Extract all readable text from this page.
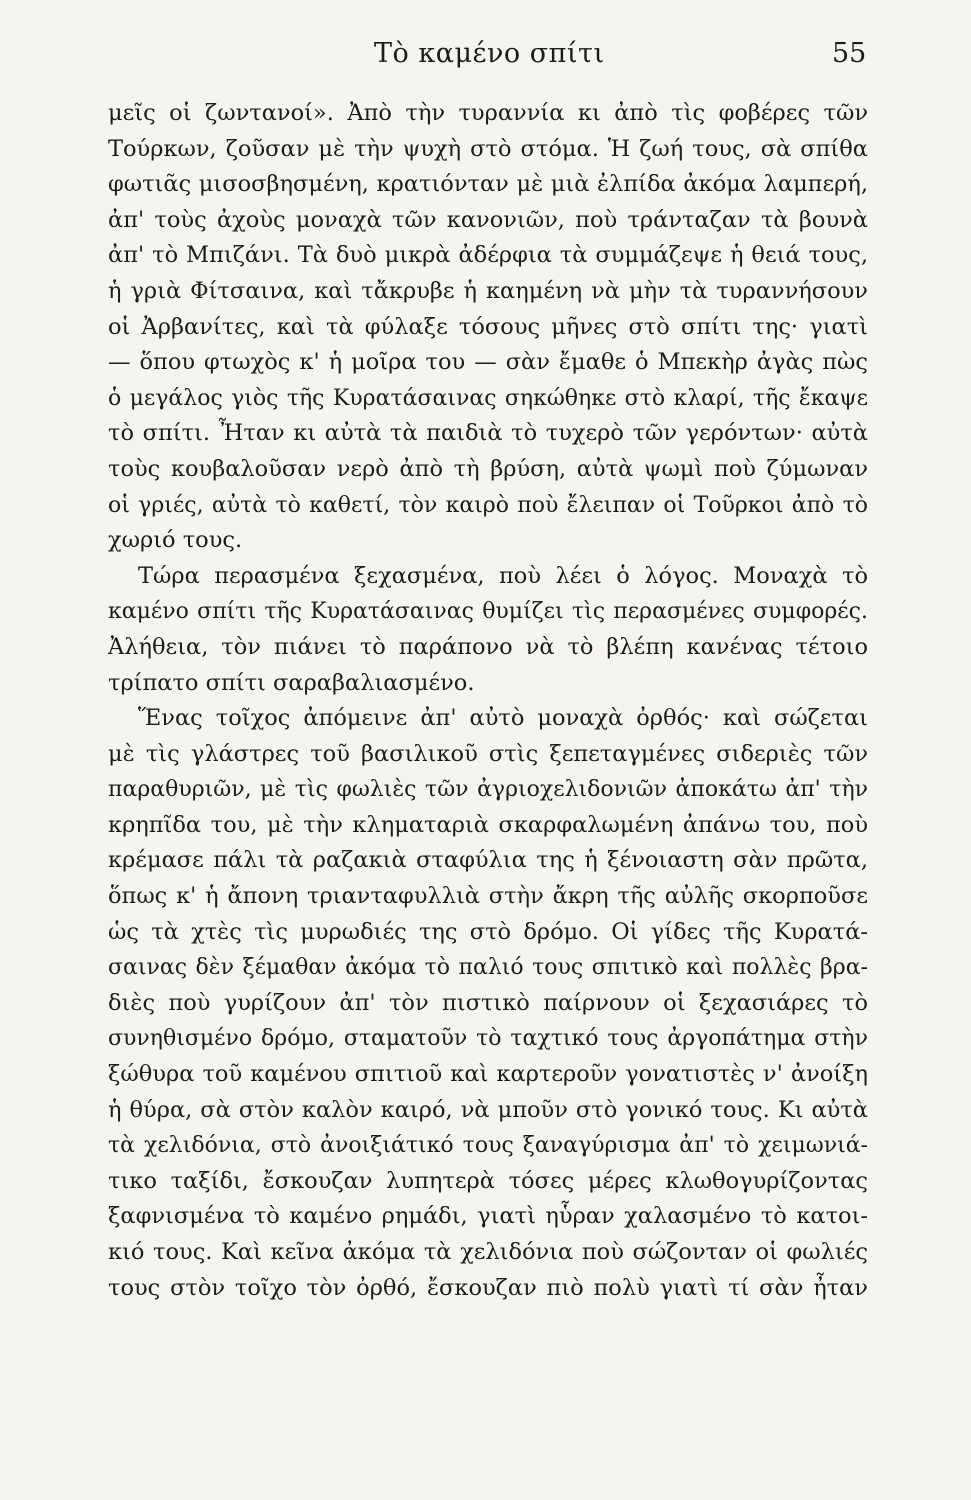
Τὸ καμένο σπίτι	55
μεῖς οἱ ζωντανοί». Ἀπὸ τὴν τυραννία κι ἀπὸ τὶς φοβέρες τῶν
Τούρκων, ζοῦσαν μὲ τὴν ψυχὴ στὸ στόμα. Ἡ ζωή τους, σὰ σπίθα
φωτιᾶς μισοσβησμένη, κρατιόνταν μὲ μιὰ ἐλπίδα ἀκόμα λαμπερή,
ἀπ' τοὺς ἀχοὺς μοναχὰ τῶν κανονιῶν, ποὺ τράνταζαν τὰ βουνὰ
ἀπ' τὸ Μπιζάνι. Τὰ δυὸ μικρὰ ἀδέρφια τὰ συμμάζεψε ἡ θειά τους,
ἡ γριὰ Φίτσαινα, καὶ τἄκρυβε ἡ καημένη νὰ μὴν τὰ τυραννήσουν
οἱ Ἀρβανίτες, καὶ τὰ φύλαξε τόσους μῆνες στὸ σπίτι της· γιατὶ
— ὅπου φτωχὸς κ' ἡ μοῖρα του — σὰν ἔμαθε ὁ Μπεκὴρ ἀγὰς πὼς
ὁ μεγάλος γιὸς τῆς Κυρατάσαινας σηκώθηκε στὸ κλαρί, τῆς ἔκαψε
τὸ σπίτι. Ἦταν κι αὐτὰ τὰ παιδιὰ τὸ τυχερὸ τῶν γερόντων· αὐτὰ
τοὺς κουβαλοῦσαν νερὸ ἀπὸ τὴ βρύση, αὐτὰ ψωμὶ ποὺ ζύμωναν
οἱ γριές, αὐτὰ τὸ καθετί, τὸν καιρὸ ποὺ ἔλειπαν οἱ Τοῦρκοι ἀπὸ τὸ
χωριό τους.
Τώρα περασμένα ξεχασμένα, ποὺ λέει ὁ λόγος. Μοναχὰ τὸ
καμένο σπίτι τῆς Κυρατάσαινας θυμίζει τὶς περασμένες συμφορές.
Ἀλήθεια, τὸν πιάνει τὸ παράπονο νὰ τὸ βλέπη κανένας τέτοιο
τρίπατο σπίτι σαραβαλιασμένο.
Ἕνας τοῖχος ἀπόμεινε ἀπ' αὐτὸ μοναχὰ ὀρθός· καὶ σώζεται
μὲ τὶς γλάστρες τοῦ βασιλικοῦ στὶς ξεπεταγμένες σιδεριὲς τῶν
παραθυριῶν, μὲ τὶς φωλιὲς τῶν ἀγριοχελιδονιῶν ἀποκάτω ἀπ' τὴν
κρηπῖδα του, μὲ τὴν κληματαριὰ σκαρφαλωμένη ἀπάνω του, ποὺ
κρέμασε πάλι τὰ ραζακιὰ σταφύλια της ἡ ξένοιαστη σὰν πρῶτα,
ὅπως κ' ἡ ἄπονη τριανταφυλλιὰ στὴν ἄκρη τῆς αὐλῆς σκορποῦσε
ὡς τὰ χτὲς τὶς μυρωδιές της στὸ δρόμο. Οἱ γίδες τῆς Κυρατά-
σαινας δὲν ξέμαθαν ἀκόμα τὸ παλιό τους σπιτικὸ καὶ πολλὲς βρα-
διὲς ποὺ γυρίζουν ἀπ' τὸν πιστικὸ παίρνουν οἱ ξεχασιάρες τὸ
συνηθισμένο δρόμο, σταματοῦν τὸ ταχτικό τους ἀργοπάτημα στὴν
ξώθυρα τοῦ καμένου σπιτιοῦ καὶ καρτεροῦν γονατιστὲς ν' ἀνοίξη
ἡ θύρα, σὰ στὸν καλὸν καιρό, νὰ μποῦν στὸ γονικό τους. Κι αὐτὰ
τὰ χελιδόνια, στὸ ἀνοιξιάτικό τους ξαναγύρισμα ἀπ' τὸ χειμωνιά-
τικο ταξίδι, ἔσκουζαν λυπητερὰ τόσες μέρες κλωθογυρίζοντας
ξαφνισμένα τὸ καμένο ρημάδι, γιατὶ ηὗραν χαλασμένο τὸ κατοι-
κιό τους. Καὶ κεῖνα ἀκόμα τὰ χελιδόνια ποὺ σώζονταν οἱ φωλιές
τους στὸν τοῖχο τὸν ὀρθό, ἔσκουζαν πιὸ πολὺ γιατὶ τί σὰν ἦταν
